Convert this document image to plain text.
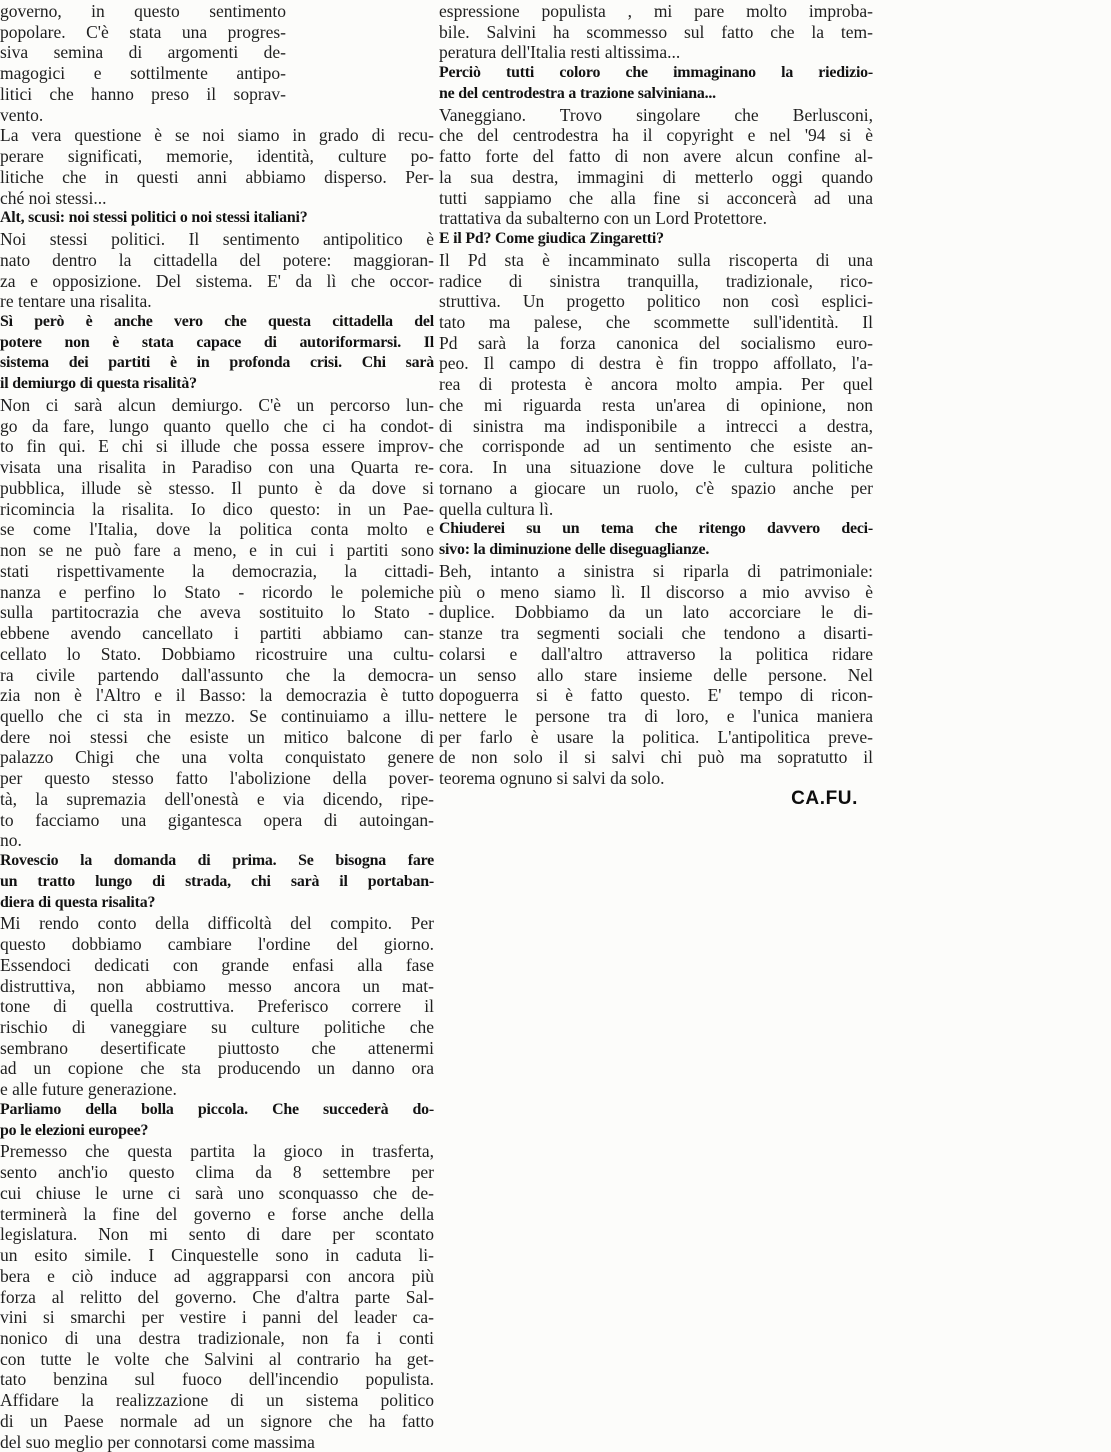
governo, in questo sentimento
popolare. C'è stata una progres-
siva semina di argomenti de-
magogici e sottilmente antipo-
litici che hanno preso il soprav-
vento.
La vera questione è se noi siamo in grado di recu-
perare significati, memorie, identità, culture po-
litiche che in questi anni abbiamo disperso. Per-
ché noi stessi...
Alt, scusi: noi stessi politici o noi stessi italiani?
Noi stessi politici. Il sentimento antipolitico è
nato dentro la cittadella del potere: maggioran-
za e opposizione. Del sistema. E' da lì che occor-
re tentare una risalita.
Sì però è anche vero che questa cittadella del
potere non è stata capace di autoriformarsi. Il
sistema dei partiti è in profonda crisi. Chi sarà
il demiurgo di questa risalità?
Non ci sarà alcun demiurgo. C'è un percorso lun-
go da fare, lungo quanto quello che ci ha condot-
to fin qui. E chi si illude che possa essere improv-
visata una risalita in Paradiso con una Quarta re-
pubblica, illude sè stesso. Il punto è da dove si
ricomincia la risalita. Io dico questo: in un Pae-
se come l'Italia, dove la politica conta molto e
non se ne può fare a meno, e in cui i partiti sono
stati rispettivamente la democrazia, la cittadi-
nanza e perfino lo Stato - ricordo le polemiche
sulla partitocrazia che aveva sostituito lo Stato -
ebbene avendo cancellato i partiti abbiamo can-
cellato lo Stato. Dobbiamo ricostruire una cultu-
ra civile partendo dall'assunto che la democra-
zia non è l'Altro e il Basso: la democrazia è tutto
quello che ci sta in mezzo. Se continuiamo a illu-
dere noi stessi che esiste un mitico balcone di
palazzo Chigi che una volta conquistato genere
per questo stesso fatto l'abolizione della pover-
tà, la supremazia dell'onestà e via dicendo, ripe-
to facciamo una gigantesca opera di autoingan-
no.
Rovescio la domanda di prima. Se bisogna fare
un tratto lungo di strada, chi sarà il portaban-
diera di questa risalita?
Mi rendo conto della difficoltà del compito. Per
questo dobbiamo cambiare l'ordine del giorno.
Essendoci dedicati con grande enfasi alla fase
distruttiva, non abbiamo messo ancora un mat-
tone di quella costruttiva. Preferisco correre il
rischio di vaneggiare su culture politiche che
sembrano desertificate piuttosto che attenermi
ad un copione che sta producendo un danno ora
e alle future generazione.
Parliamo della bolla piccola. Che succederà do-
po le elezioni europee?
Premesso che questa partita la gioco in trasferta,
sento anch'io questo clima da 8 settembre per
cui chiuse le urne ci sarà uno sconquasso che de-
terminerà la fine del governo e forse anche della
legislatura. Non mi sento di dare per scontato
un esito simile. I Cinquestelle sono in caduta li-
bera e ciò induce ad aggrapparsi con ancora più
forza al relitto del governo. Che d'altra parte Sal-
vini si smarchi per vestire i panni del leader ca-
nonico di una destra tradizionale, non fa i conti
con tutte le volte che Salvini al contrario ha get-
tato benzina sul fuoco dell'incendio populista.
Affidare la realizzazione di un sistema politico
di un Paese normale ad un signore che ha fatto
del suo meglio per connotarsi come massima
espressione populista , mi pare molto improba-
bile. Salvini ha scommesso sul fatto che la tem-
peratura dell'Italia resti altissima...
Perciò tutti coloro che immaginano la riedizio-
ne del centrodestra a trazione salviniana...
Vaneggiano. Trovo singolare che Berlusconi,
che del centrodestra ha il copyright e nel '94 si è
fatto forte del fatto di non avere alcun confine al-
la sua destra, immagini di metterlo oggi quando
tutti sappiamo che alla fine si acconcerà ad una
trattativa da subalterno con un Lord Protettore.
E il Pd? Come giudica Zingaretti?
Il Pd sta è incamminato sulla riscoperta di una
radice di sinistra tranquilla, tradizionale, rico-
struttiva. Un progetto politico non così esplici-
tato ma palese, che scommette sull'identità. Il
Pd sarà la forza canonica del socialismo euro-
peo. Il campo di destra è fin troppo affollato, l'a-
rea di protesta è ancora molto ampia. Per quel
che mi riguarda resta un'area di opinione, non
di sinistra ma indisponibile a intrecci a destra,
che corrisponde ad un sentimento che esiste an-
cora. In una situazione dove le cultura politiche
tornano a giocare un ruolo, c'è spazio anche per
quella cultura lì.
Chiuderei su un tema che ritengo davvero deci-
sivo: la diminuzione delle diseguaglianze.
Beh, intanto a sinistra si riparla di patrimoniale:
più o meno siamo lì. Il discorso a mio avviso è
duplice. Dobbiamo da un lato accorciare le di-
stanze tra segmenti sociali che tendono a disarti-
colarsi e dall'altro attraverso la politica ridare
un senso allo stare insieme delle persone. Nel
dopoguerra si è fatto questo. E' tempo di ricon-
nettere le persone tra di loro, e l'unica maniera
per farlo è usare la politica. L'antipolitica preve-
de non solo il si salvi chi può ma sopratutto il
teorema ognuno si salvi da solo.
CA.FU.
